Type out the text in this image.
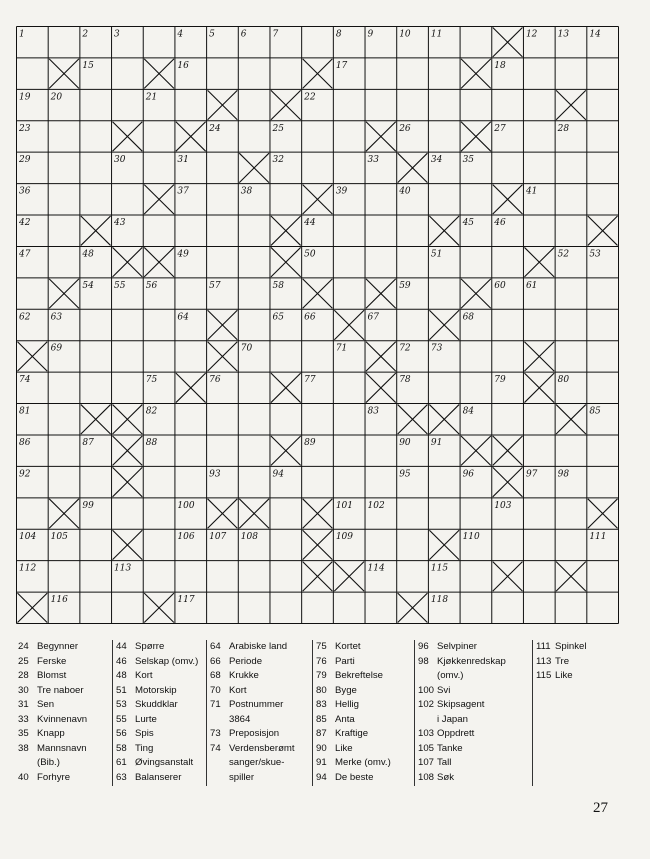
1	2	3	4	5	6	7	8	9	10 11	12 13 14
15	16	17	18
19 20	21	22
23	24	25	26	27	28
29	30	31	32	33	34 35
36	37	38	39	40	41
42	43	44	45 46
47	48	49	50	51	52 53
54 55 56	57	58	59	60 61
62 63	64	65 66	67	68
69	70	71	72 73
74	75	76	77	78	79	80
81	82	83	84	85
86	87	88	89	90 91
92	93	94	95	96	97 98
99	100	101 102	103
104 105	106 107 108	109	110	111
112	113	114	115
116	117	118
24 Begynner
25 Ferske
28 Blomst
30 Tre naboer
31 Sen
33 Kvinnenavn
35 Knapp
38 Mannsnavn
(Bib.)
40 Forhyre
44 Spørre
46 Selskap (omv.)
48 Kort
51 Motorskip
53 Skuddklar
55 Lurte
56 Spis
58 Ting
61 Øvingsanstalt
63 Balanserer
64 Arabiske land
66 Periode
68 Krukke
70 Kort
71 Postnummer
3864
73 Preposisjon
74 Verdensberømt
sanger/skue-
spiller
75 Kortet
76 Parti
79 Bekreftelse
80 Byge
83 Hellig
85 Anta
87 Kraftige
90 Like
91 Merke (omv.)
94 De beste
96 Selvpiner
98 Kjøkkenredskap
(omv.)
100 Svi
102 Skipsagent
i Japan
103 Oppdrett
105 Tanke
107 Tall
108 Søk
111 Spinkel
113 Tre
115 Like
27
